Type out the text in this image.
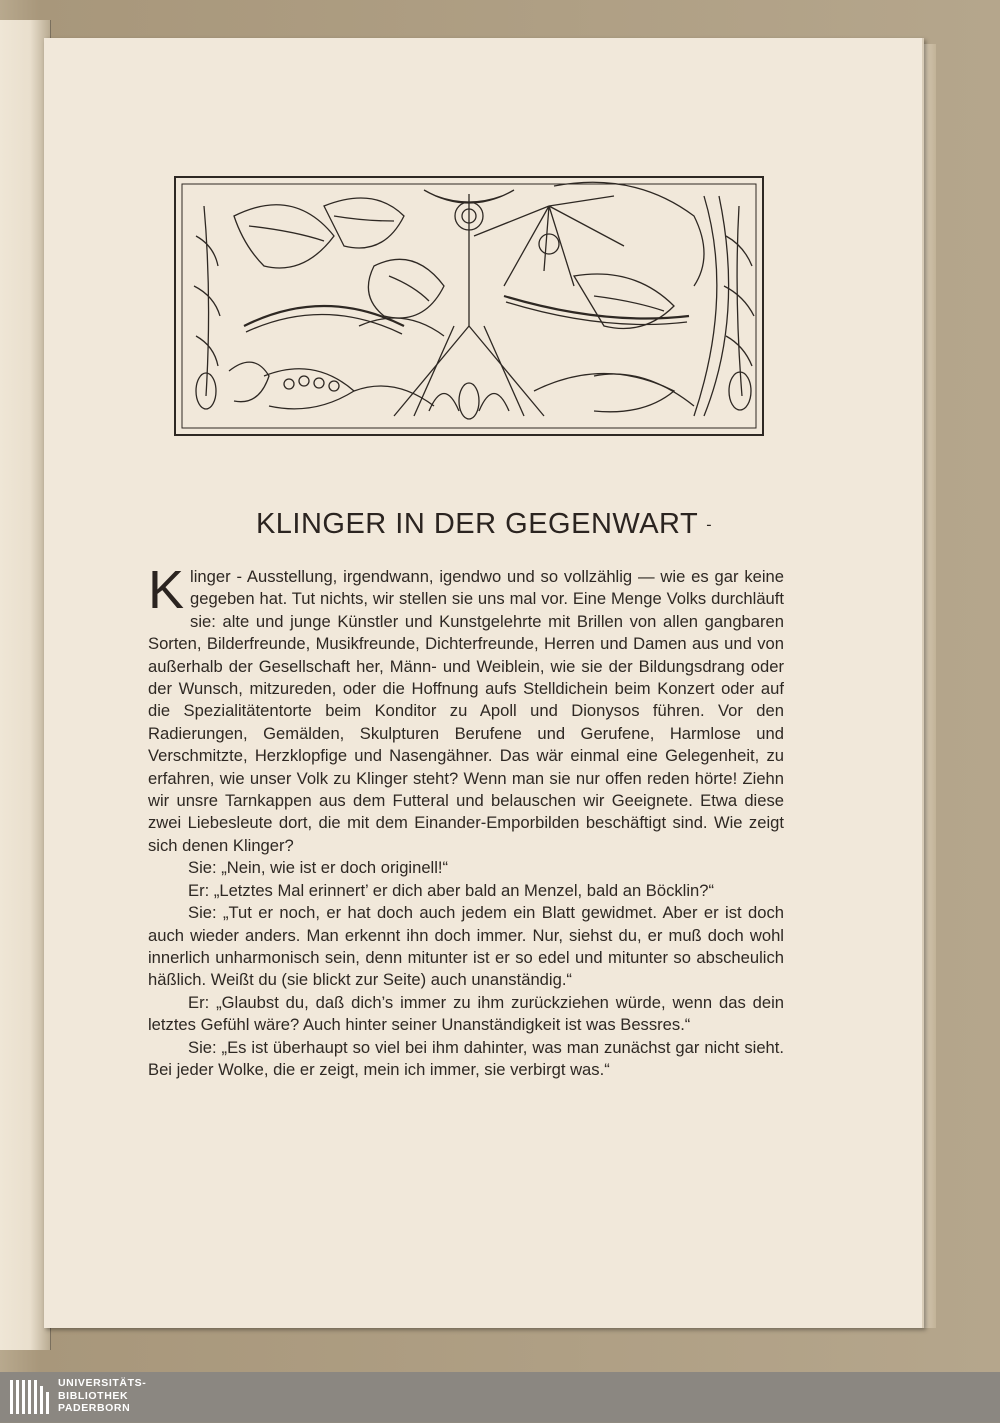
KLINGER IN DER GEGENWART -

Klinger - Ausstellung, irgendwann, igendwo und so vollzählig — wie es gar keine gegeben hat. Tut nichts, wir stellen sie uns mal vor. Eine Menge Volks durchläuft sie: alte und junge Künstler und Kunstgelehrte mit Brillen von allen gangbaren Sorten, Bilderfreunde, Musikfreunde, Dichterfreunde, Herren und Damen aus und von außerhalb der Gesellschaft her, Männ- und Weiblein, wie sie der Bildungsdrang oder der Wunsch, mitzureden, oder die Hoffnung aufs Stelldichein beim Konzert oder auf die Spezialitätentorte beim Konditor zu Apoll und Dionysos führen. Vor den Radierungen, Gemälden, Skulpturen Berufene und Gerufene, Harmlose und Verschmitzte, Herzklopfige und Nasengähner. Das wär einmal eine Gelegenheit, zu erfahren, wie unser Volk zu Klinger steht? Wenn man sie nur offen reden hörte! Ziehn wir unsre Tarnkappen aus dem Futteral und belauschen wir Geeignete. Etwa diese zwei Liebesleute dort, die mit dem Einander-Emporbilden beschäftigt sind. Wie zeigt sich denen Klinger?

Sie: „Nein, wie ist er doch originell!“

Er: „Letztes Mal erinnert’ er dich aber bald an Menzel, bald an Böcklin?“

Sie: „Tut er noch, er hat doch auch jedem ein Blatt gewidmet. Aber er ist doch auch wieder anders. Man erkennt ihn doch immer. Nur, siehst du, er muß doch wohl innerlich unharmonisch sein, denn mitunter ist er so edel und mitunter so abscheulich häßlich. Weißt du (sie blickt zur Seite) auch unanständig.“

Er: „Glaubst du, daß dich’s immer zu ihm zurückziehen würde, wenn das dein letztes Gefühl wäre? Auch hinter seiner Unanständigkeit ist was Bessres.“

Sie: „Es ist überhaupt so viel bei ihm dahinter, was man zunächst gar nicht sieht. Bei jeder Wolke, die er zeigt, mein ich immer, sie verbirgt was.“

UNIVERSITÄTS-
BIBLIOTHEK
PADERBORN
